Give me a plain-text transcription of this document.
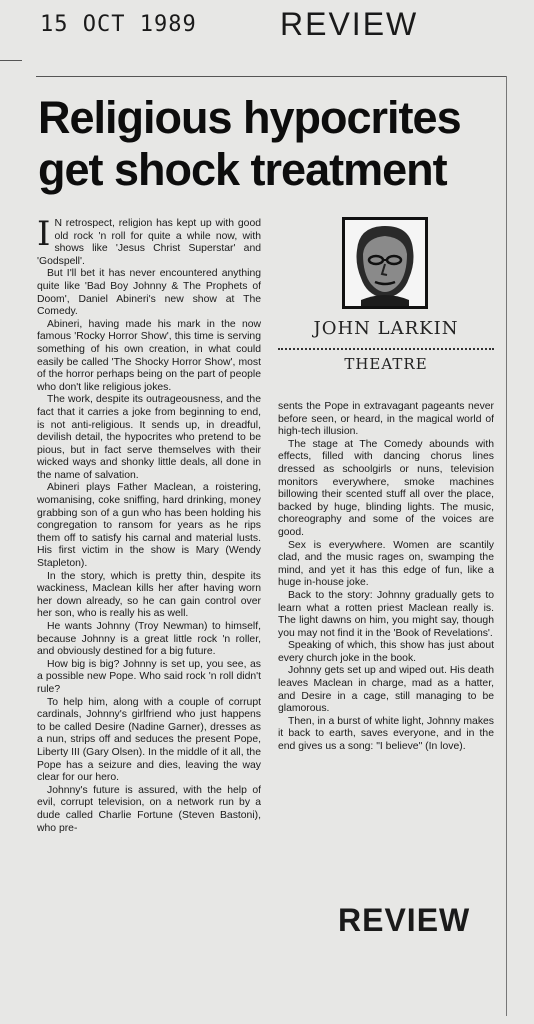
15 OCT 1989	REVIEW
Religious hypocrites get shock treatment

I N retrospect, religion has kept up with good old rock 'n roll for quite a while now, with shows like 'Jesus Christ Superstar' and 'Godspell'.

But I'll bet it has never encountered anything quite like 'Bad Boy Johnny & The Prophets of Doom', Daniel Abineri's new show at The Comedy.

Abineri, having made his mark in the now famous 'Rocky Horror Show', this time is serving something of his own creation, in what could easily be called 'The Shocky Horror Show', most of the horror perhaps being on the part of people who don't like religious jokes.

The work, despite its outrageousness, and the fact that it carries a joke from beginning to end, is not anti-religious. It sends up, in dreadful, devilish detail, the hypocrites who pretend to be pious, but in fact serve themselves with their wicked ways and shonky little deals, all done in the name of salvation.

Abineri plays Father Maclean, a roistering, womanising, coke sniffing, hard drinking, money grabbing son of a gun who has been holding his congregation to ransom for years as he rips them off to satisfy his carnal and material lusts. His first victim in the show is Mary (Wendy Stapleton).

In the story, which is pretty thin, despite its wackiness, Maclean kills her after having worn her down already, so he can gain control over her son, who is really his as well.

He wants Johnny (Troy Newman) to himself, because Johnny is a great little rock 'n roller, and obviously destined for a big future.

How big is big? Johnny is set up, you see, as a possible new Pope. Who said rock 'n roll didn't rule?

To help him, along with a couple of corrupt cardinals, Johnny's girlfriend who just happens to be called Desire (Nadine Garner), dresses as a nun, strips off and seduces the present Pope, Liberty III (Gary Olsen). In the middle of it all, the Pope has a seizure and dies, leaving the way clear for our hero.

Johnny's future is assured, with the help of evil, corrupt television, on a network run by a dude called Charlie Fortune (Steven Bastoni), who pre-

JOHN LARKIN
THEATRE

sents the Pope in extravagant pageants never before seen, or heard, in the magical world of high-tech illusion.

The stage at The Comedy abounds with effects, filled with dancing chorus lines dressed as schoolgirls or nuns, television monitors everywhere, smoke machines billowing their scented stuff all over the place, backed by huge, blinding lights. The music, choreography and some of the voices are good.

Sex is everywhere. Women are scantily clad, and the music rages on, swamping the mind, and yet it has this edge of fun, like a huge in-house joke.

Back to the story: Johnny gradually gets to learn what a rotten priest Maclean really is. The light dawns on him, you might say, though you may not find it in the 'Book of Revelations'.

Speaking of which, this show has just about every church joke in the book.

Johnny gets set up and wiped out. His death leaves Maclean in charge, mad as a hatter, and Desire in a cage, still managing to be glamorous.

Then, in a burst of white light, Johnny makes it back to earth, saves everyone, and in the end gives us a song: "I believe" (In love).

REVIEW
